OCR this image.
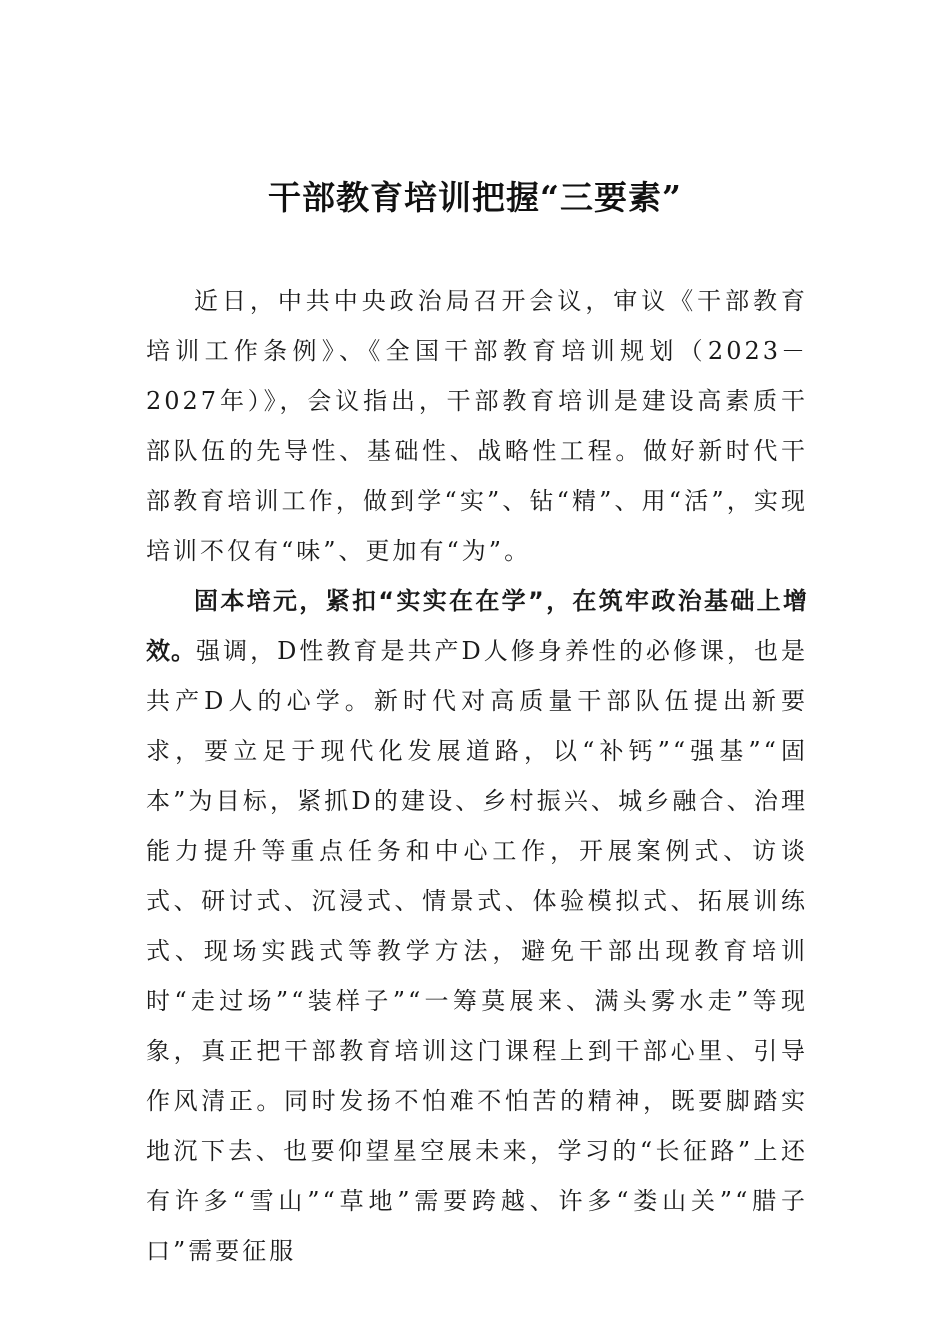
干部教育培训把握“三要素”

近日，中共中央政治局召开会议，审议《干部教育培训工作条例》、《全国干部教育培训规划（2023－2027年）》，会议指出，干部教育培训是建设高素质干部队伍的先导性、基础性、战略性工程。做好新时代干部教育培训工作，做到学“实”、钻“精”、用“活”，实现培训不仅有“味”、更加有“为”。

固本培元，紧扣“实实在在学”，在筑牢政治基础上增效。强调，D性教育是共产D人修身养性的必修课，也是共产D人的心学。新时代对高质量干部队伍提出新要求，要立足于现代化发展道路，以“补钙”“强基”“固本”为目标，紧抓D的建设、乡村振兴、城乡融合、治理能力提升等重点任务和中心工作，开展案例式、访谈式、研讨式、沉浸式、情景式、体验模拟式、拓展训练式、现场实践式等教学方法，避免干部出现教育培训时“走过场”“装样子”“一筹莫展来、满头雾水走”等现象，真正把干部教育培训这门课程上到干部心里、引导作风清正。同时发扬不怕难不怕苦的精神，既要脚踏实地沉下去、也要仰望星空展未来，学习的“长征路”上还有许多“雪山”“草地”需要跨越、许多“娄山关”“腊子口”需要征服
